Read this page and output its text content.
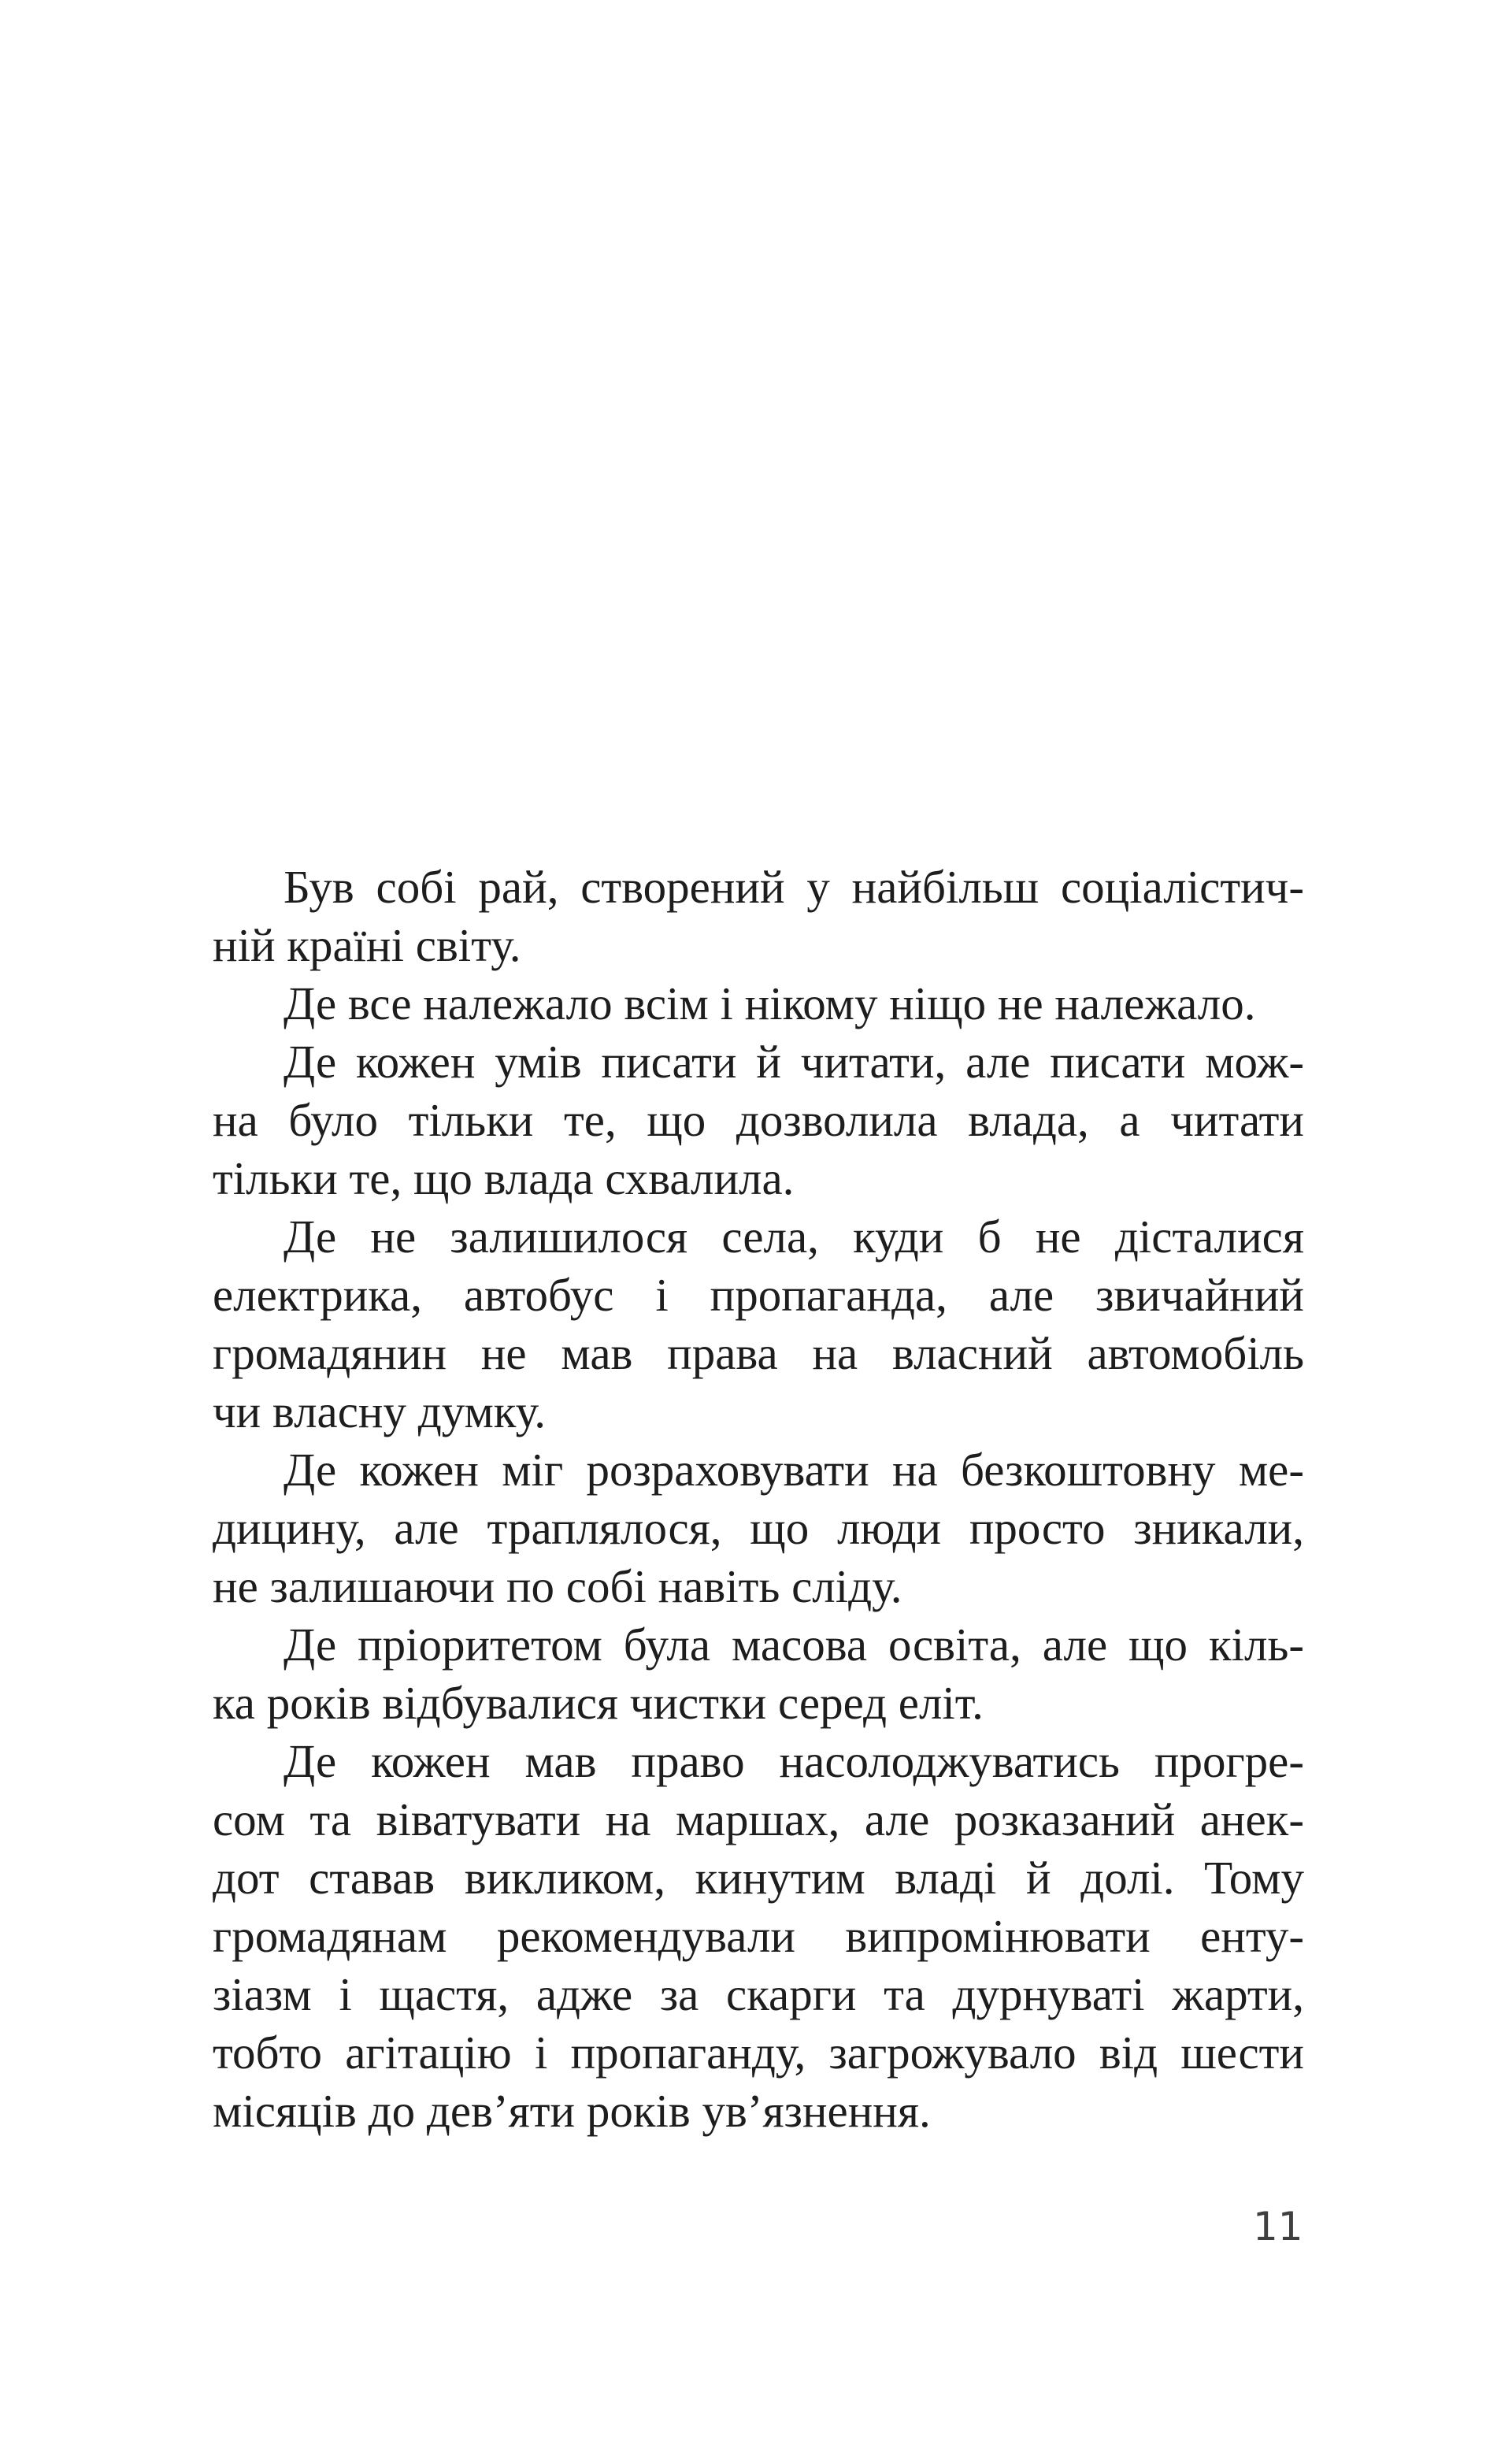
Був собі рай, створений у найбільш соціалістич-

ній країні світу.

Де все належало всім і нікому ніщо не належало.

Де кожен умів писати й читати, але писати мож-

на було тільки те, що дозволила влада, а читати

тільки те, що влада схвалила.

Де не залишилося села, куди б не дісталися

електрика, автобус і пропаганда, але звичайний

громадянин не мав права на власний автомобіль

чи власну думку.

Де кожен міг розраховувати на безкоштовну ме-

дицину, але траплялося, що люди просто зникали,

не залишаючи по собі навіть сліду.

Де пріоритетом була масова освіта, але що кіль-

ка років відбувалися чистки серед еліт.

Де кожен мав право насолоджуватись прогре-

сом та віватувати на маршах, але розказаний анек-

дот ставав викликом, кинутим владі й долі. Тому

громадянам рекомендували випромінювати енту-

зіазм і щастя, адже за скарги та дурнуваті жарти,

тобто агітацію і пропаганду, загрожувало від шести

місяців до дев’яти років ув’язнення.

11
